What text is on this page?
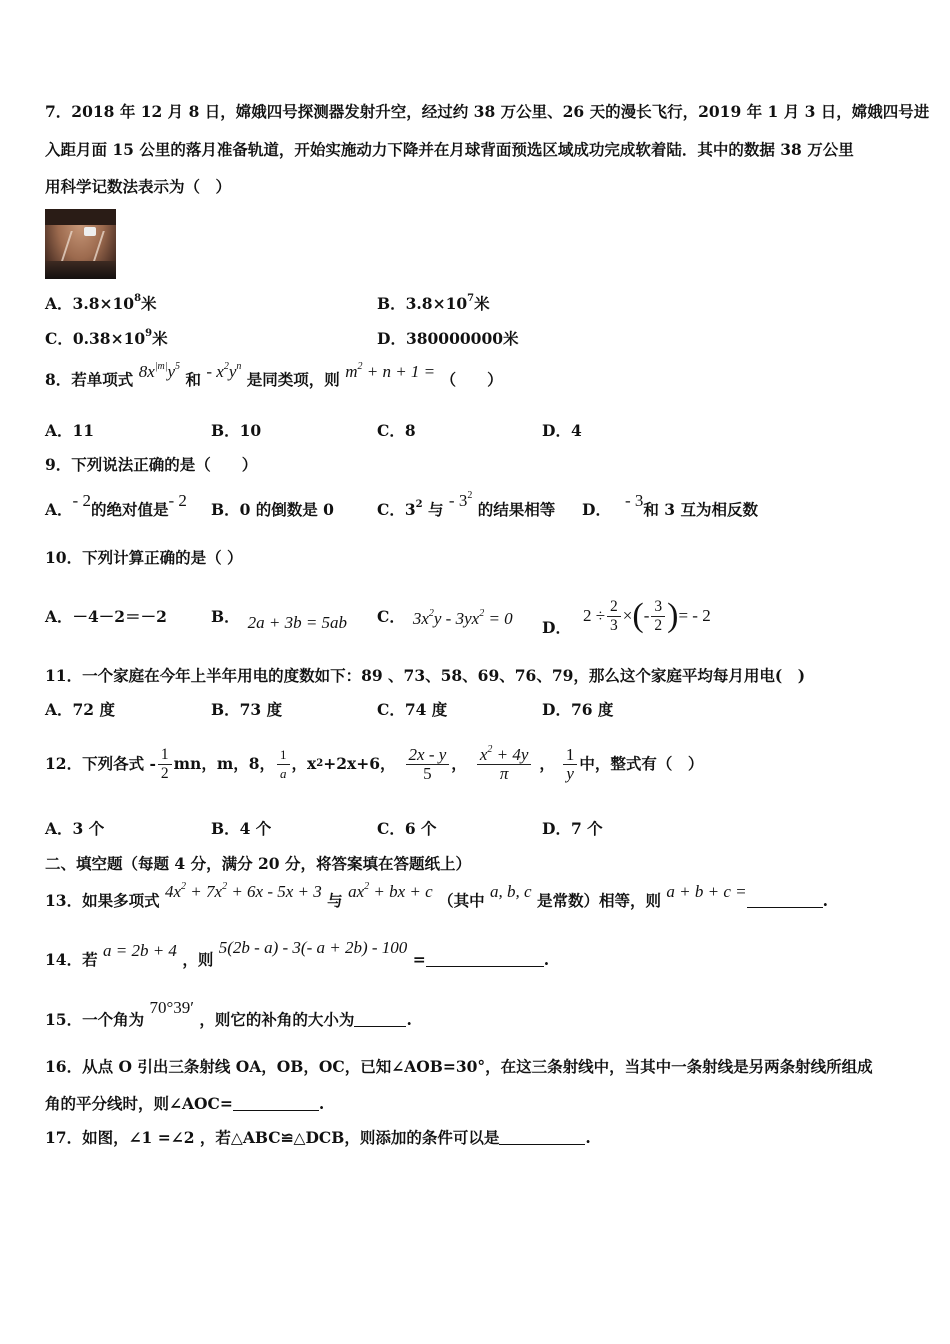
7．2018 年 12 月 8 日，嫦娥四号探测器发射升空，经过约 38 万公里、26 天的漫长飞行，2019 年 1 月 3 日，嫦娥四号进
入距月面 15 公里的落月准备轨道，开始实施动力下降并在月球背面预选区域成功完成软着陆．其中的数据 38 万公里
用科学记数法表示为（　）
A．$3.8\times 10^8$米	B．$3.8\times 10^7$米
C．$0.38\times 10^9$米	D．380000000米
8．若单项式 $8x^{|m|}y^5$ 和 - $x^2y^n$ 是同类项，则 $m^2 + n + 1$ = （　　）
A．11	B．10	C．8	D．4
9．下列说法正确的是（　　）
A．- 2的绝对值是- 2 B．0 的倒数是 0	C．$3^2$ 与 - $3^2$ 的结果相等 D． - 3和 3 互为相反数
10．下列计算正确的是（ ）
A．－4－2＝－2	B． 2a + 3b = 5ab C． $3x^2y - 3yx^2 = 0$ D．
$2 \div \frac{2}{3}$ × ( - $\frac{3}{2}$ ) = - 2
11．一个家庭在今年上半年用电的度数如下：89 、73、58、69、76、79，那么这个家庭平均每月用电(　)
A．72 度	B．73 度	C．74 度	D．76 度
12．下列各式 - $\frac{1}{2}$ mn，m，8， $\frac{1}{a}$ ，x 2 +2x+6， $\frac{2x - y}{5}$ ， $\frac{x^2 + 4y}{\pi}$ ， $\frac{1}{y}$ 中，整式有（　）
A．3 个	B．4 个	C．6 个	D．7 个
二、填空题（每题 4 分，满分 20 分，将答案填在答题纸上）
13．如果多项式 $4x^2 + 7x^2 + 6x - 5x + 3$ 与 $ax^2$ + bx + c （其中 a, b, c 是常数）相等，则 a + b + c =	.
14．若 a = 2b + 4 ，则 5(2b - a) - 3(- a + 2b) - 100 =	.
15．一个角为 70°39′ ，则它的补角的大小为	.
16．从点 O 引出三条射线 OA，OB，OC，已知∠AOB=30°，在这三条射线中，当其中一条射线是另两条射线所组成
角的平分线时，则∠AOC=	.
17．如图，∠1 =∠2 ，若△ABC≌△DCB，则添加的条件可以是	.
